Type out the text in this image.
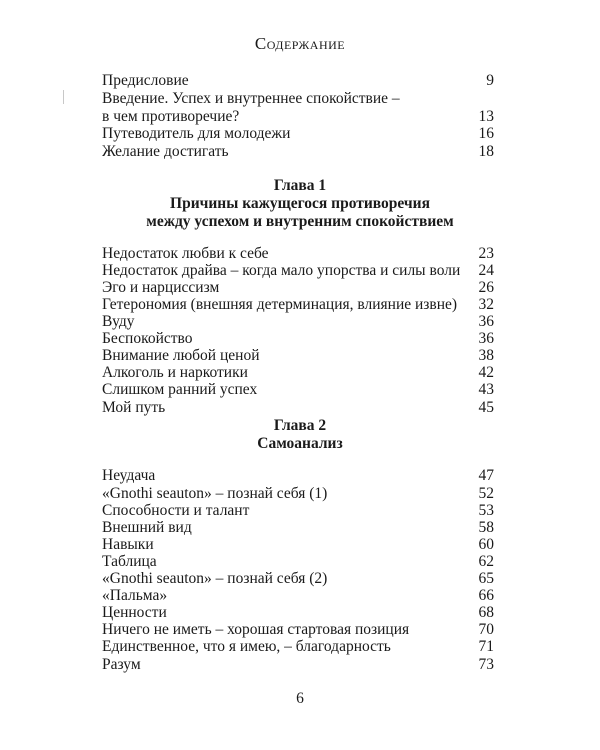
Содержание
Предисловие	9
Введение. Успех и внутреннее спокойствие –
в чем противоречие?	13
Путеводитель для молодежи	16
Желание достигать	18
Глава 1
Причины кажущегося противоречия
между успехом и внутренним спокойствием
Недостаток любви к себе	23
Недостаток драйва – когда мало упорства и силы воли 24
Эго и нарциссизм	26
Гетерономия (внешняя детерминация, влияние извне) 32
Вуду	36
Беспокойство	36
Внимание любой ценой	38
Алкоголь и наркотики	42
Слишком ранний успех	43
Мой путь	45
Глава 2
Самоанализ
Неудача	47
«Gnothi seauton» – познай себя (1)	52
Способности и талант	53
Внешний вид	58
Навыки	60
Таблица	62
«Gnothi seauton» – познай себя (2)	65
«Пальма»	66
Ценности	68
Ничего не иметь – хорошая стартовая позиция	70
Единственное, что я имею, – благодарность	71
Разум	73
6
